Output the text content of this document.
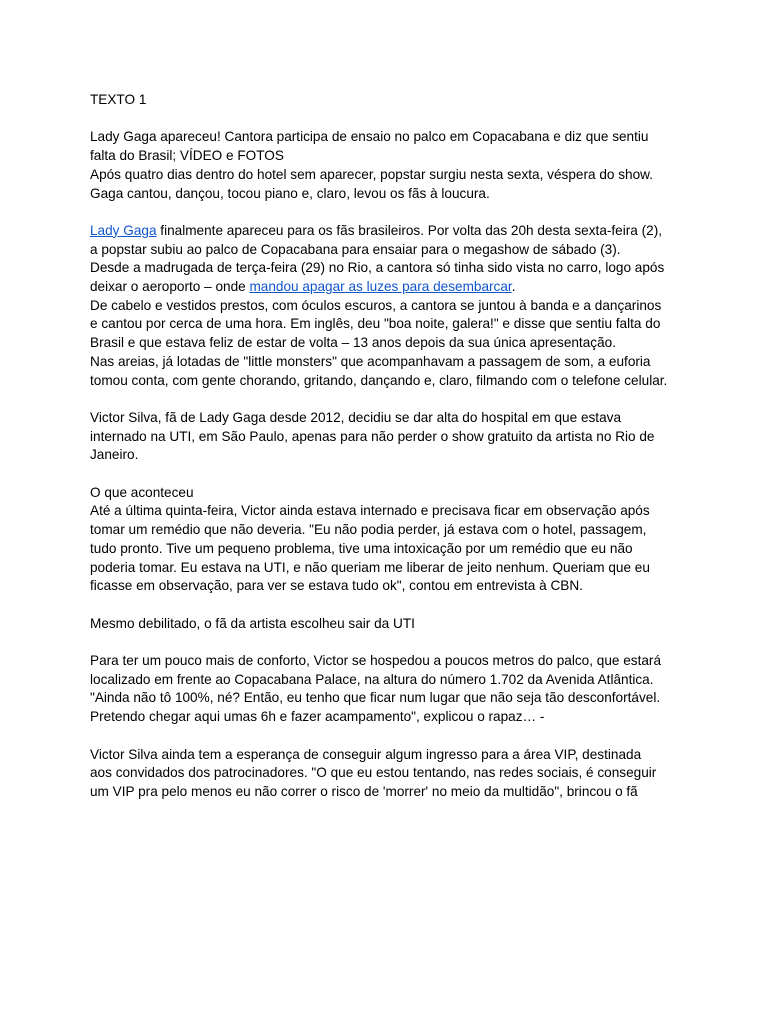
TEXTO 1
Lady Gaga apareceu! Cantora participa de ensaio no palco em Copacabana e diz que sentiu
falta do Brasil; VÍDEO e FOTOS
Após quatro dias dentro do hotel sem aparecer, popstar surgiu nesta sexta, véspera do show.
Gaga cantou, dançou, tocou piano e, claro, levou os fãs à loucura.
Lady Gaga finalmente apareceu para os fãs brasileiros. Por volta das 20h desta sexta-feira (2),
a popstar subiu ao palco de Copacabana para ensaiar para o megashow de sábado (3).
Desde a madrugada de terça-feira (29) no Rio, a cantora só tinha sido vista no carro, logo após
deixar o aeroporto – onde mandou apagar as luzes para desembarcar.
De cabelo e vestidos prestos, com óculos escuros, a cantora se juntou à banda e a dançarinos
e cantou por cerca de uma hora. Em inglês, deu "boa noite, galera!" e disse que sentiu falta do
Brasil e que estava feliz de estar de volta – 13 anos depois da sua única apresentação.
Nas areias, já lotadas de "little monsters" que acompanhavam a passagem de som, a euforia
tomou conta, com gente chorando, gritando, dançando e, claro, filmando com o telefone celular.
Victor Silva, fã de Lady Gaga desde 2012, decidiu se dar alta do hospital em que estava
internado na UTI, em São Paulo, apenas para não perder o show gratuito da artista no Rio de
Janeiro.
O que aconteceu
Até a última quinta-feira, Victor ainda estava internado e precisava ficar em observação após
tomar um remédio que não deveria. "Eu não podia perder, já estava com o hotel, passagem,
tudo pronto. Tive um pequeno problema, tive uma intoxicação por um remédio que eu não
poderia tomar. Eu estava na UTI, e não queriam me liberar de jeito nenhum. Queriam que eu
ficasse em observação, para ver se estava tudo ok", contou em entrevista à CBN.
Mesmo debilitado, o fã da artista escolheu sair da UTI
Para ter um pouco mais de conforto, Victor se hospedou a poucos metros do palco, que estará
localizado em frente ao Copacabana Palace, na altura do número 1.702 da Avenida Atlântica.
"Ainda não tô 100%, né? Então, eu tenho que ficar num lugar que não seja tão desconfortável.
Pretendo chegar aqui umas 6h e fazer acampamento", explicou o rapaz… -
Victor Silva ainda tem a esperança de conseguir algum ingresso para a área VIP, destinada
aos convidados dos patrocinadores. "O que eu estou tentando, nas redes sociais, é conseguir
um VIP pra pelo menos eu não correr o risco de 'morrer' no meio da multidão", brincou o fã
